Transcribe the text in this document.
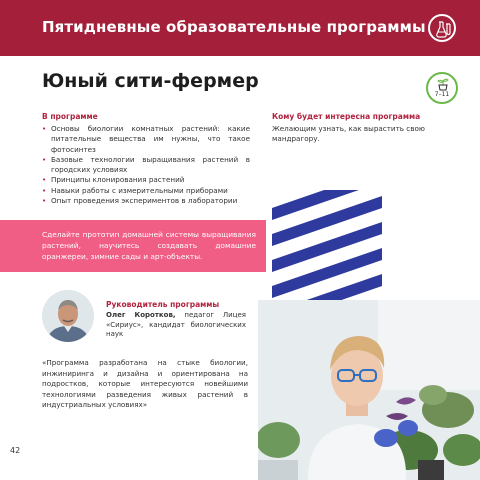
Пятидневные образовательные программы
Юный сити-фермер
7–11
В программе
• Основы биологии комнатных растений: какие питательные вещества им нужны, что такое фотосинтез
• Базовые технологии выращивания растений в городских условиях
• Принципы клонирования растений
• Навыки работы с измерительными приборами
• Опыт проведения экспериментов в лаборатории
Кому будет интересна программа
Желающим узнать, как вырастить свою мандрагору.
Сделайте прототип домашней системы выращивания растений, научитесь создавать домашние оранжереи, зимние сады и арт-объекты.
Руководитель программы
Олег Коротков, педагог Лицея «Сириус», кандидат биологических наук
«Программа разработана на стыке биологии, инжиниринга и дизайна и ориентирована на подростков, которые интересуются новейшими технологиями разведения живых растений в индустриальных условиях»
42
